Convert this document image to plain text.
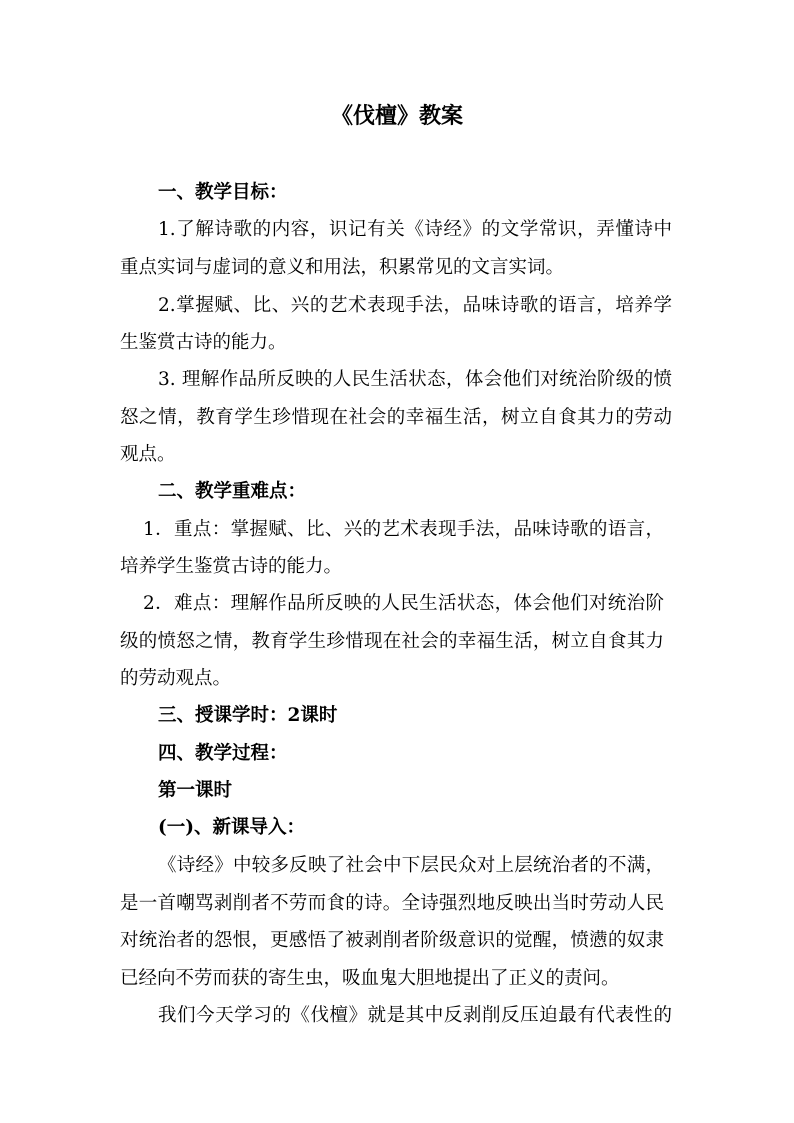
《伐檀》教案
一、教学目标：
1.了解诗歌的内容，识记有关《诗经》的文学常识，弄懂诗中
重点实词与虚词的意义和用法，积累常见的文言实词。
2.掌握赋、比、兴的艺术表现手法，品味诗歌的语言，培养学
生鉴赏古诗的能力。
3. 理解作品所反映的人民生活状态，体会他们对统治阶级的愤
怒之情，教育学生珍惜现在社会的幸福生活，树立自食其力的劳动
观点。
二、教学重难点：
1．重点：掌握赋、比、兴的艺术表现手法，品味诗歌的语言，
培养学生鉴赏古诗的能力。
2．难点：理解作品所反映的人民生活状态，体会他们对统治阶
级的愤怒之情，教育学生珍惜现在社会的幸福生活，树立自食其力
的劳动观点。
三、授课学时：2课时
四、教学过程：
第一课时
(一)、新课导入：
《诗经》中较多反映了社会中下层民众对上层统治者的不满，
是一首嘲骂剥削者不劳而食的诗。全诗强烈地反映出当时劳动人民
对统治者的怨恨，更感悟了被剥削者阶级意识的觉醒，愤懑的奴隶
已经向不劳而获的寄生虫，吸血鬼大胆地提出了正义的责问。
我们今天学习的《伐檀》就是其中反剥削反压迫最有代表性的
